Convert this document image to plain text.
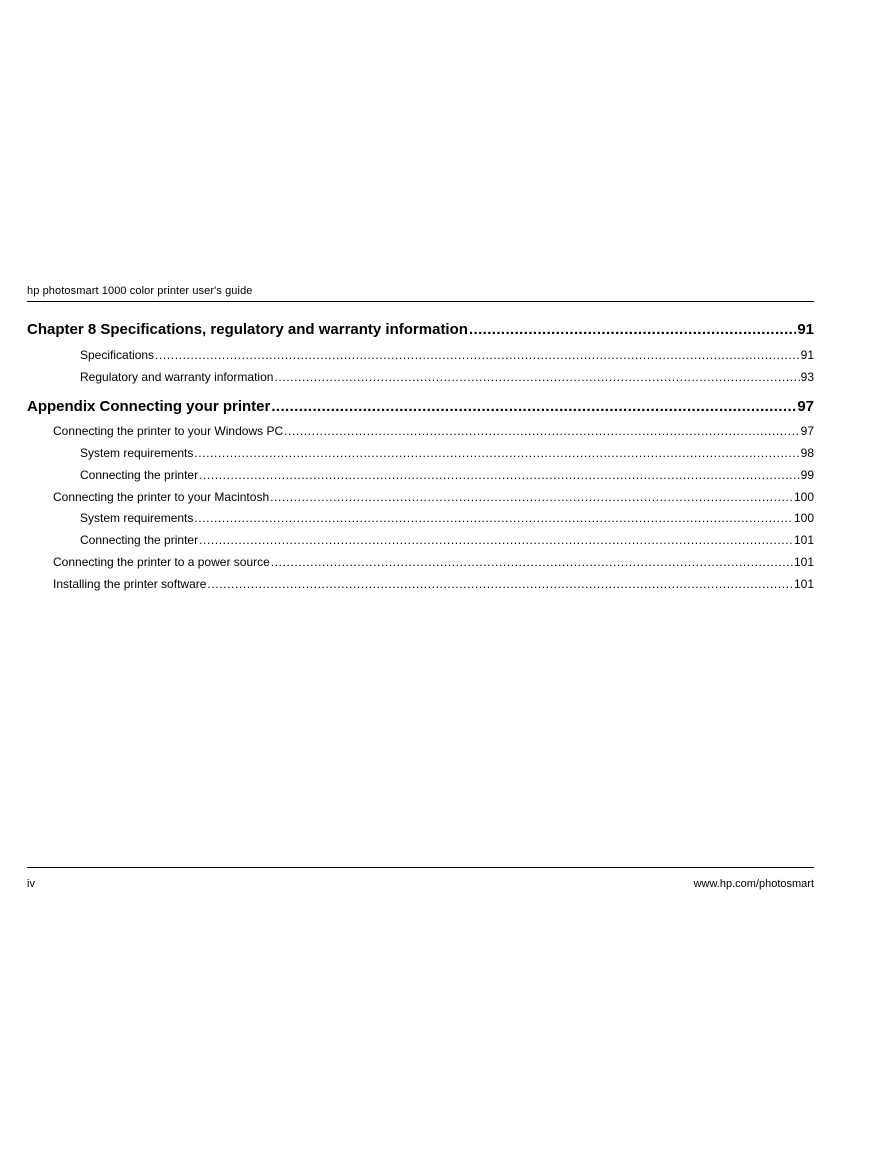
hp photosmart 1000 color printer user's guide
Chapter 8 Specifications, regulatory and warranty information .....	91
Specifications .....	91
Regulatory and warranty information .....	93
Appendix Connecting your printer .....	97
Connecting the printer to your Windows PC .....	97
System requirements .....	98
Connecting the printer .....	99
Connecting the printer to your Macintosh .....	100
System requirements .....	100
Connecting the printer .....	101
Connecting the printer to a power source .....	101
Installing the printer software .....	101
iv	www.hp.com/photosmart
